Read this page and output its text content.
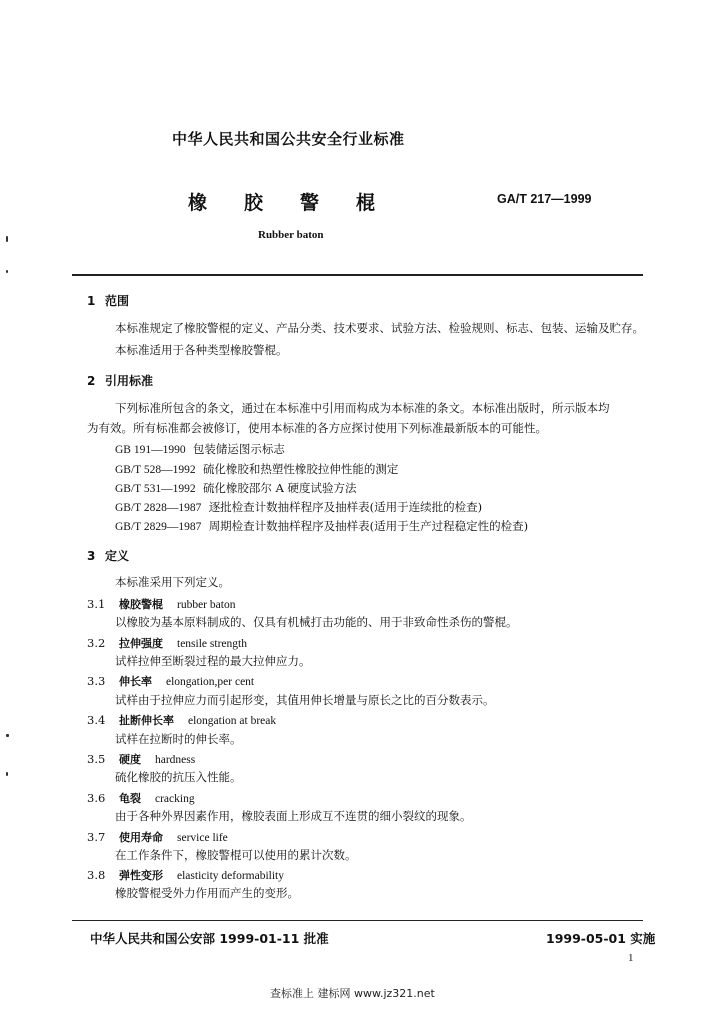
中华人民共和国公共安全行业标准
橡胶警棍	GA/T 217—1999
Rubber baton
1 范围
本标准规定了橡胶警棍的定义、产品分类、技术要求、试验方法、检验规则、标志、包装、运输及贮存。
本标准适用于各种类型橡胶警棍。
2 引用标准
下列标准所包含的条文，通过在本标准中引用而构成为本标准的条文。本标准出版时，所示版本均
为有效。所有标准都会被修订，使用本标准的各方应探讨使用下列标准最新版本的可能性。
GB 191—1990 包装储运图示标志
GB/T 528—1992 硫化橡胶和热塑性橡胶拉伸性能的测定
GB/T 531—1992 硫化橡胶邵尔 A 硬度试验方法
GB/T 2828—1987 逐批检查计数抽样程序及抽样表(适用于连续批的检查)
GB/T 2829—1987 周期检查计数抽样程序及抽样表(适用于生产过程稳定性的检查)
3 定义
本标准采用下列定义。
3.1 橡胶警棍 rubber baton
以橡胶为基本原料制成的、仅具有机械打击功能的、用于非致命性杀伤的警棍。
3.2 拉伸强度 tensile strength
试样拉伸至断裂过程的最大拉伸应力。
3.3 伸长率 elongation,per cent
试样由于拉伸应力而引起形变，其值用伸长增量与原长之比的百分数表示。
3.4 扯断伸长率 elongation at break
试样在拉断时的伸长率。
3.5 硬度 hardness
硫化橡胶的抗压入性能。
3.6 龟裂 cracking
由于各种外界因素作用，橡胶表面上形成互不连贯的细小裂纹的现象。
3.7 使用寿命 service life
在工作条件下，橡胶警棍可以使用的累计次数。
3.8 弹性变形 elasticity deformability
橡胶警棍受外力作用而产生的变形。
中华人民共和国公安部 1999-01-11 批准	1999-05-01 实施
1
查标准上 建标网 www.jz321.net
